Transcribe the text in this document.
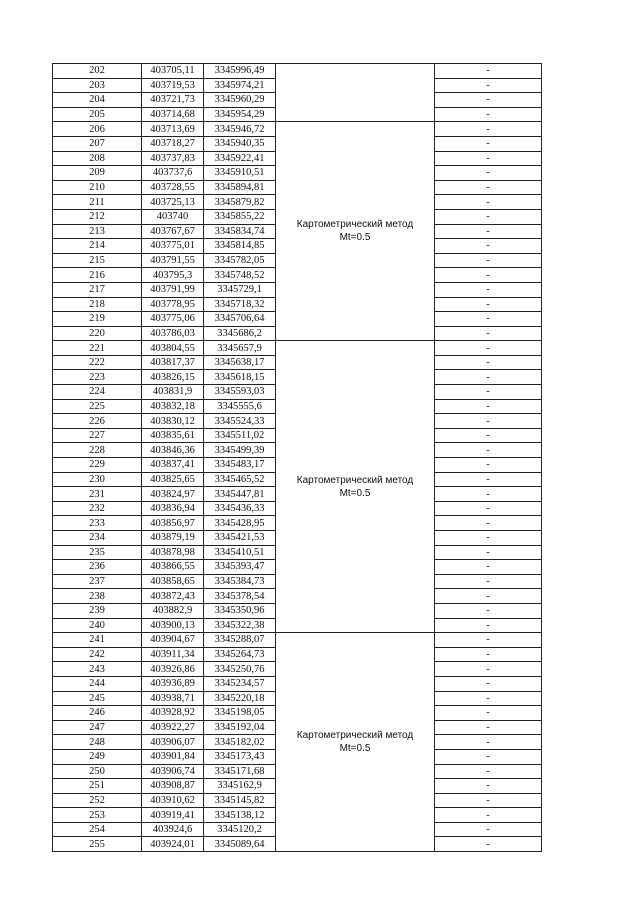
202	403705,11	3345996,49		-
203	403719,53	3345974,21		-
204	403721,73	3345960,29		-
205	403714,68	3345954,29		-
206	403713,69	3345946,72	Картометрический метод
Mt=0.5	-
207	403718,27	3345940,35		-
208	403737,83	3345922,41		-
209	403737,6	3345910,51		-
210	403728,55	3345894,81		-
211	403725,13	3345879,82		-
212	403740	3345855,22		-
213	403767,67	3345834,74		-
214	403775,01	3345814,85		-
215	403791,55	3345782,05		-
216	403795,3	3345748,52		-
217	403791,99	3345729,1		-
218	403778,95	3345718,32		-
219	403775,06	3345706,64		-
220	403786,03	3345686,2		-
221	403804,55	3345657,9	Картометрический метод
Mt=0.5	-
222	403817,37	3345638,17		-
223	403826,15	3345618,15		-
224	403831,9	3345593,03		-
225	403832,18	3345555,6		-
226	403830,12	3345524,33		-
227	403835,61	3345511,02		-
228	403846,36	3345499,39		-
229	403837,41	3345483,17		-
230	403825,65	3345465,52		-
231	403824,97	3345447,81		-
232	403836,94	3345436,33		-
233	403856,97	3345428,95		-
234	403879,19	3345421,53		-
235	403878,98	3345410,51		-
236	403866,55	3345393,47		-
237	403858,65	3345384,73		-
238	403872,43	3345378,54		-
239	403882,9	3345350,96		-
240	403900,13	3345322,38		-
241	403904,67	3345288,07	Картометрический метод
Mt=0.5	-
242	403911,34	3345264,73		-
243	403926,86	3345250,76		-
244	403936,89	3345234,57		-
245	403938,71	3345220,18		-
246	403928,92	3345198,05		-
247	403922,27	3345192,04		-
248	403906,07	3345182,02		-
249	403901,84	3345173,43		-
250	403906,74	3345171,68		-
251	403908,87	3345162,9		-
252	403910,62	3345145,82		-
253	403919,41	3345138,12		-
254	403924,6	3345120,2		-
255	403924,01	3345089,64		-
